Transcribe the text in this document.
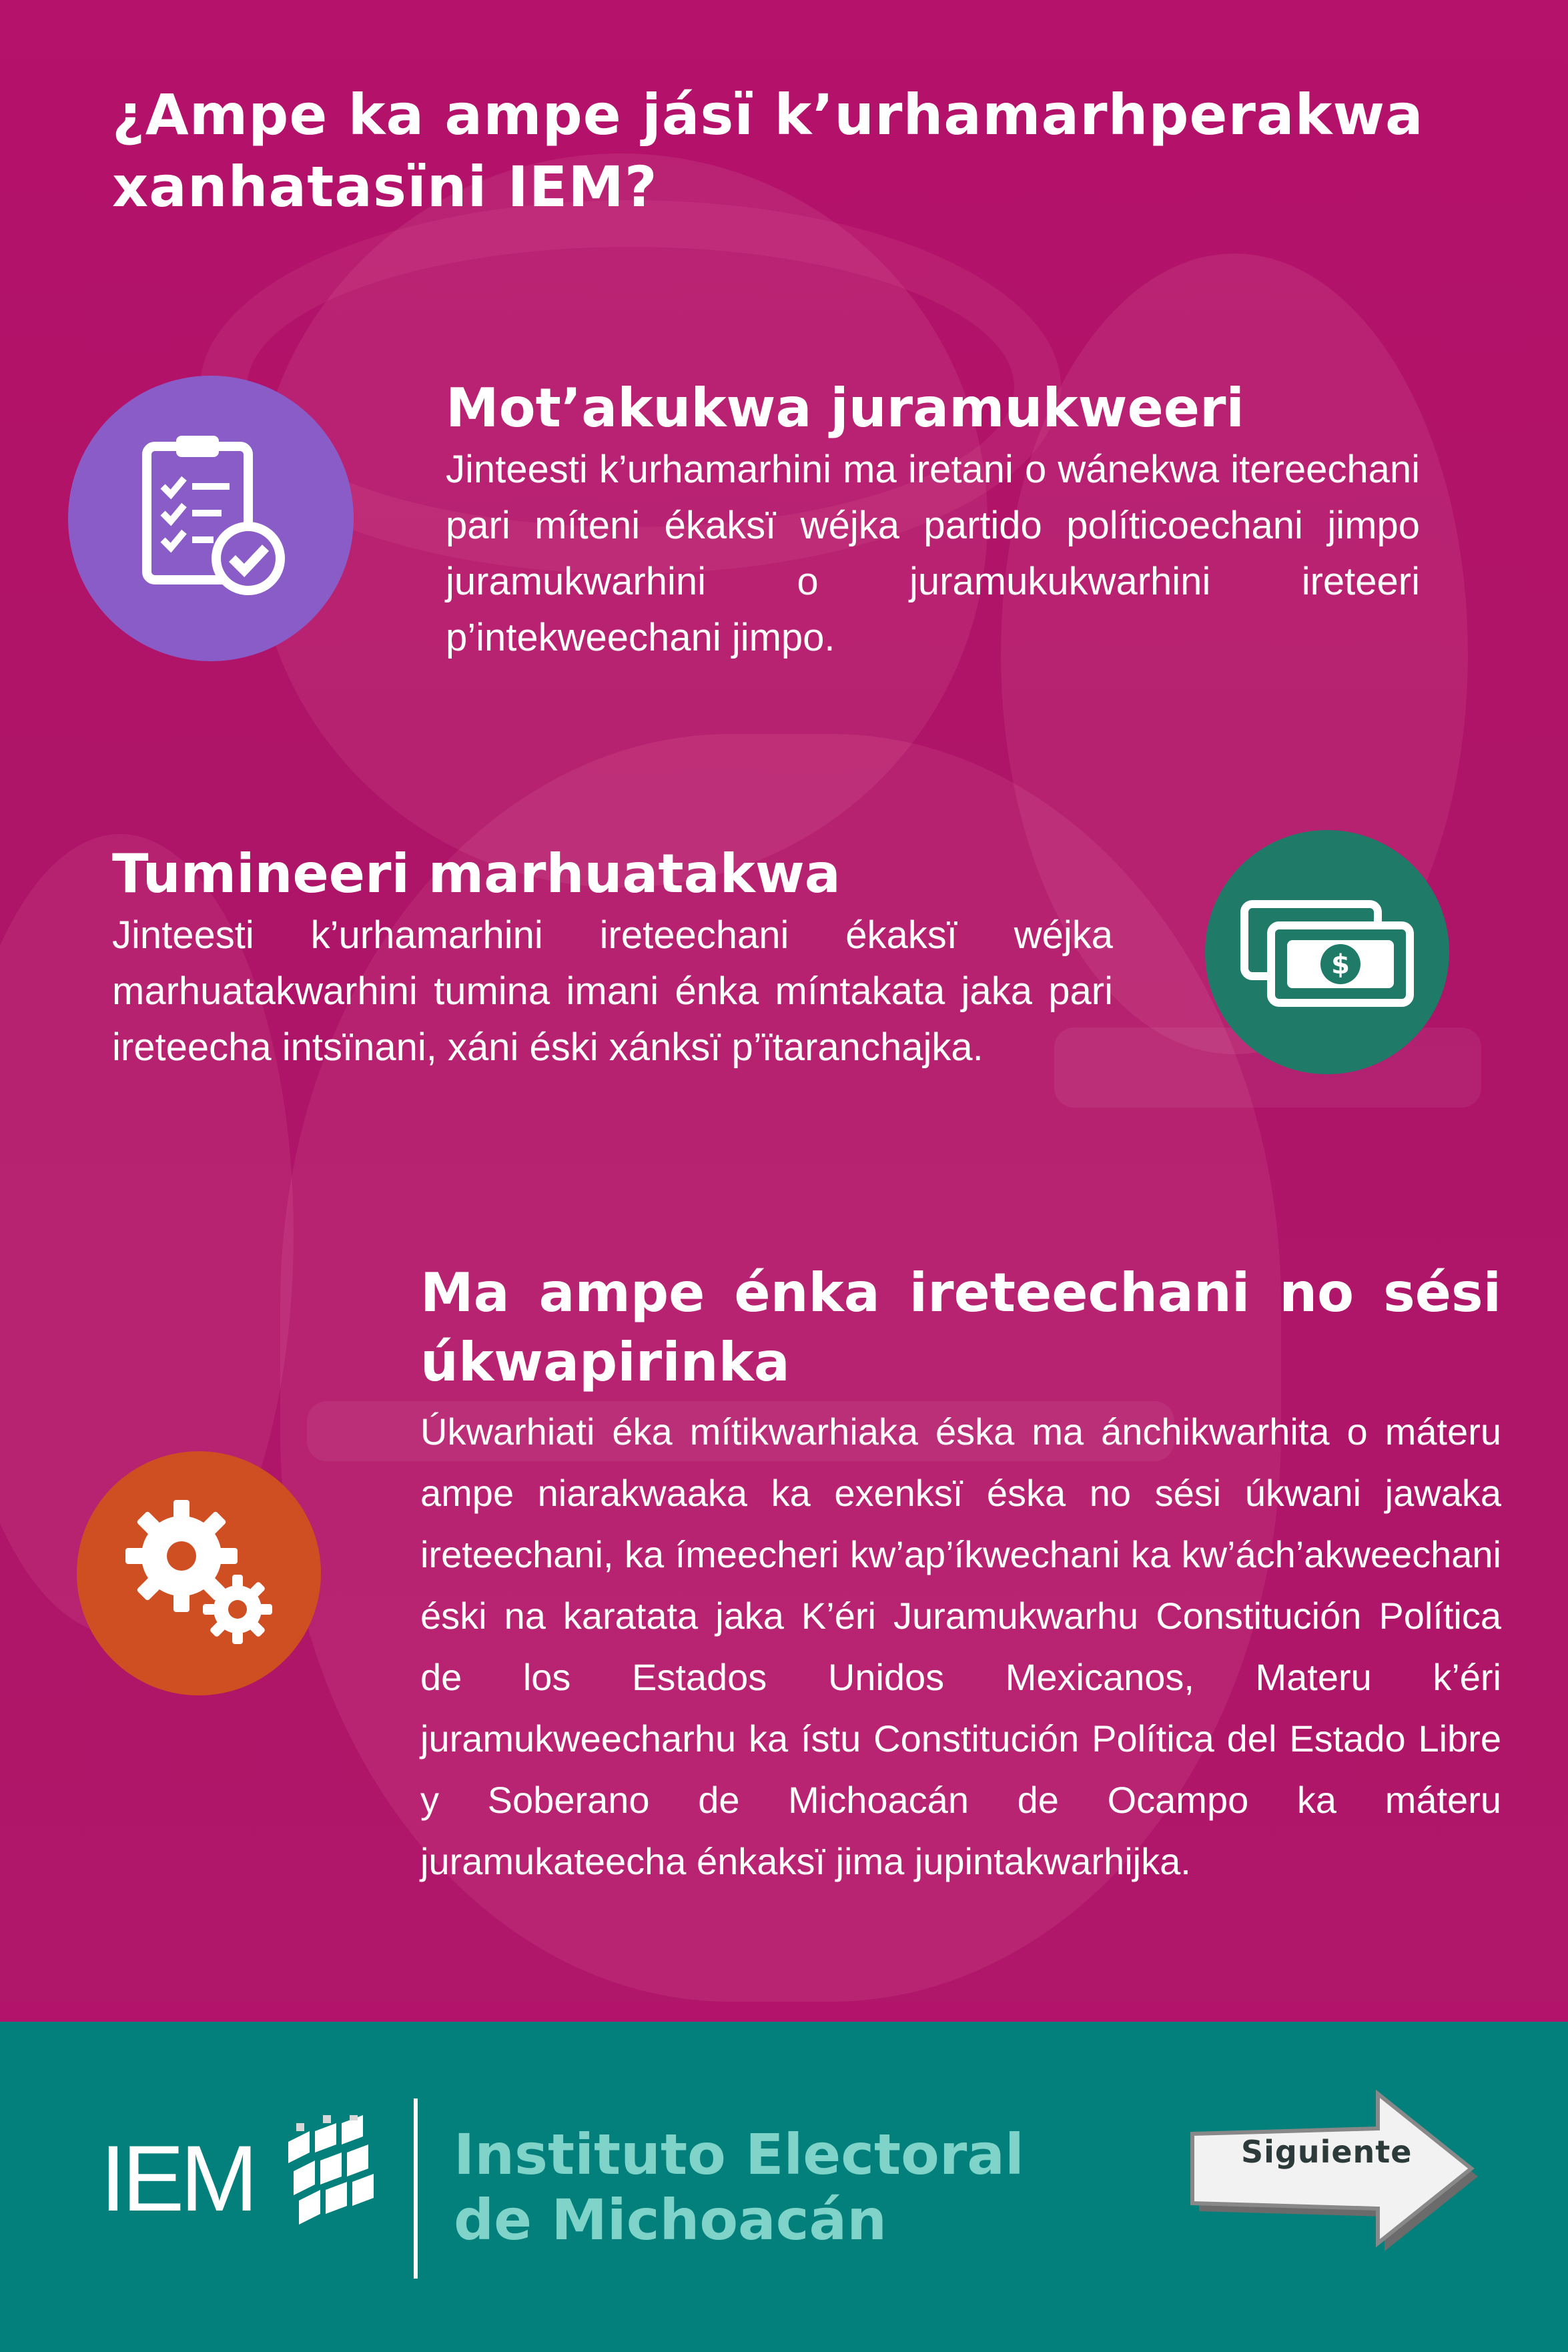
¿Ampe ka ampe jásï k’urhamarhperakwa xanhatasïni IEM?
Mot’akukwa juramukweeri

Jinteesti k’urhamarhini ma iretani o wánekwa itereechani pari míteni ékaksï wéjka partido políticoechani jimpo juramukwarhini o juramukukwarhini ireteeri p’intekweechani jimpo.

Tumineeri marhuatakwa

Jinteesti k’urhamarhini ireteechani ékaksï wéjka marhuatakwarhini tumina imani énka míntakata jaka pari ireteecha intsïnani, xáni éski xánksï p’ïtaranchajka.

$
Ma ampe énka ireteechani no sési úkwapirinka

Úkwarhiati éka mítikwarhiaka éska ma ánchikwarhita o máteru ampe niarakwaaka ka exenksï éska no sési úkwani jawaka ireteechani, ka ímeecheri kw’ap’íkwechani ka kw’ách’akweechani éski na karatata jaka K’éri Juramukwarhu Constitución Política de los Estados Unidos Mexicanos, Materu k’éri juramukweecharhu ka ístu Constitución Política del Estado Libre y Soberano de Michoacán de Ocampo ka máteru juramukateecha énkaksï jima jupintakwarhijka.

IEM	Instituto Electoral
de Michoacán
Siguiente
